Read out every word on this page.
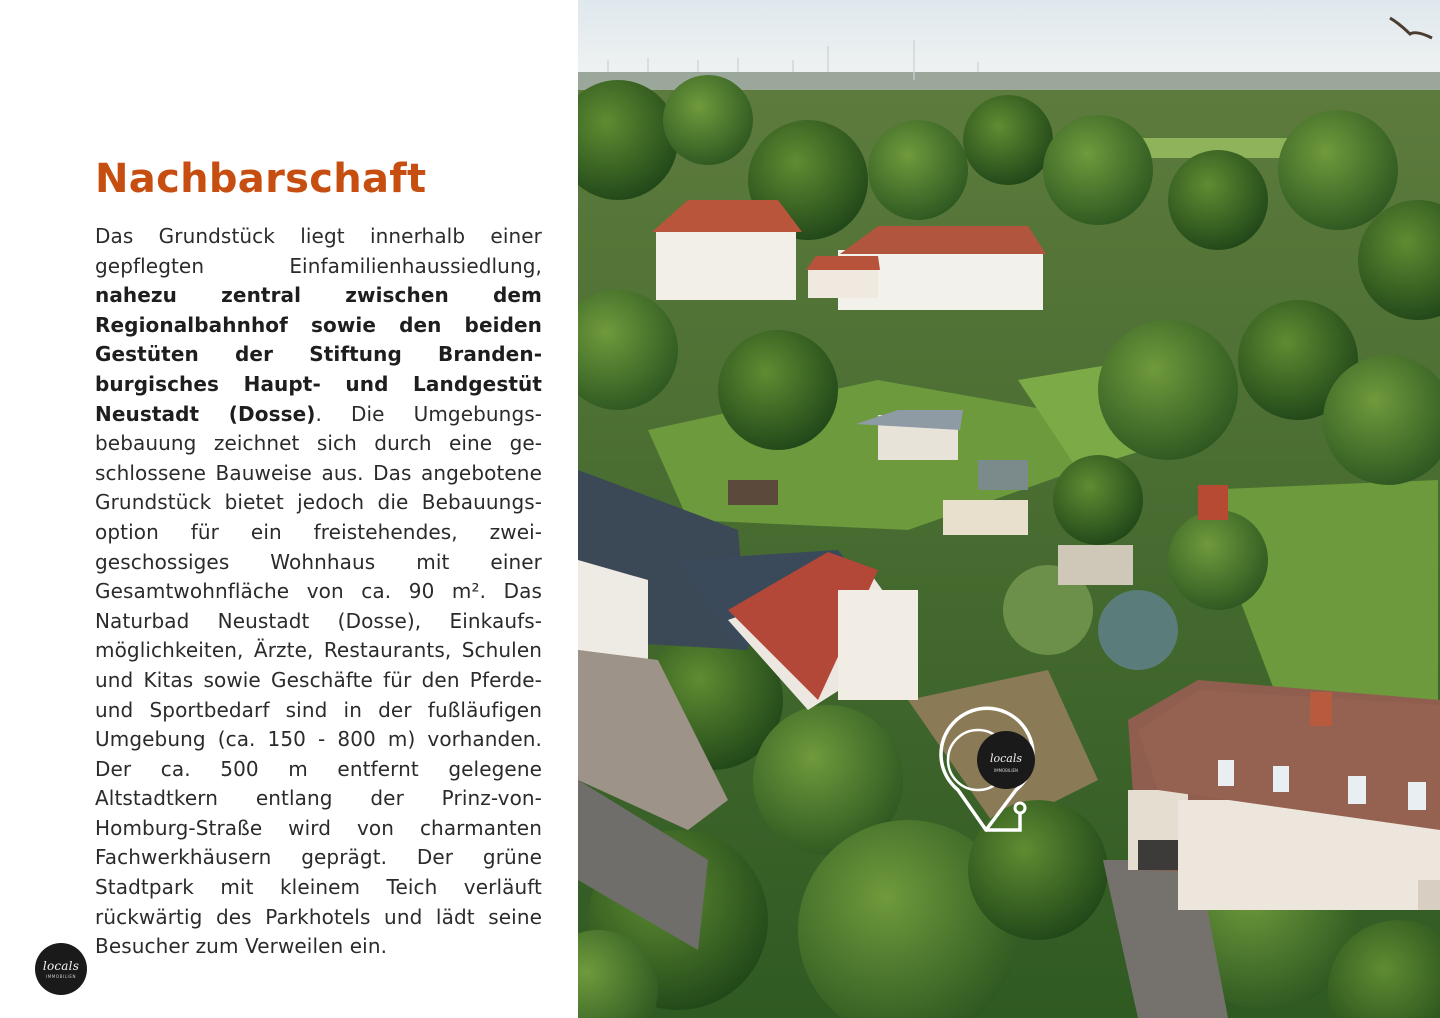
Nachbarschaft
Das Grundstück liegt innerhalb einer gepflegten Einfamilienhaussiedlung, nahezu zentral zwischen dem Regionalbahnhof sowie den beiden Gestüten der Stiftung Brandenburgisches Haupt- und Landgestüt Neustadt (Dosse). Die Umgebungsbebauung zeichnet sich durch eine geschlossene Bauweise aus. Das angebotene Grundstück bietet jedoch die Bebauungsoption für ein freistehendes, zweigeschossiges Wohnhaus mit einer Gesamtwohnfläche von ca. 90 m². Das Naturbad Neustadt (Dosse), Einkaufsmöglichkeiten, Ärzte, Restaurants, Schulen und Kitas sowie Geschäfte für den Pferde- und Sportbedarf sind in der fußläufigen Umgebung (ca. 150 - 800 m) vorhanden. Der ca. 500 m entfernt gelegene Altstadtkern entlang der Prinz-von-Homburg-Straße wird von charmanten Fachwerkhäusern geprägt. Der grüne Stadtpark mit kleinem Teich verläuft rückwärtig des Parkhotels und lädt seine Besucher zum Verweilen ein.
locals
IMMOBILIEN
locals
IMMOBILIEN
